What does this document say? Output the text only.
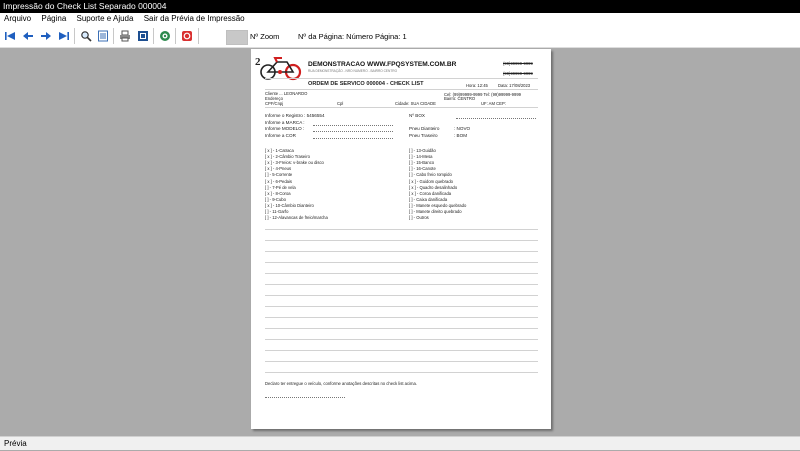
Impressão do Check List Separado 000004
Arquivo Página Suporte e Ajuda Sair da Prévia de Impressão
Nº Zoom Nº da Página: Número Página: 1
2	DEMONSTRACAO WWW.FPQSYSTEM.COM.BR
RUA DEMONSTRAÇÃO - NRO NUMERO - BAIRRO CENTRO
(99)99999-9999
(99)99999-9999
ORDEM DE SERVICO 000004 - CHECK LIST	Hora: 12:45 Data: 17/08/2023
Cliente ... LEONARDO
Endereço
CPF/Cnpj	Cpl	Cidade: SUA CIDADE
Cel: (99)99999-9999 Tel: (99)99999-9999
Bairro: CENTRO
UF: AM CEP:
Informe o Registro : 5456554
Informe a MARCA :
Informe MODELO :
Informe a COR
Nº BOX
Pneu Dianteiro	: NOVO
Pneu Traseiro	: BOM
[ x ] - 1-Catraca
[ x ] - 2-Câmbio Traseiro
[ x ] - 3-Freios: v-brake ou disco
[ x ] - 4-Pneus
[ ] - 5-Corrente
[ x ] - 6-Pedais
[ ] - 7-Pé de vela
[ x ] - 8-Coroa
[ ] - 9-Cubo
[ x ] - 10-Câmbio Dianteiro
[ ] - 11-Garfo
[ ] - 12-Alavancas de freio/marcha
[ ] - 13-Guidão
[ ] - 14-Mesa
[ ] - 15-Banco
[ ] - 16-Canote
[ ] - Cabo freio rompido
[ x ] - Guidom quebrado
[ x ] - Quadro desalinhado
[ x ] - Coroa danificada
[ ] - Caixa danificada
[ ] - Manete esquedo quebrado
[ ] - Manete direito quebrado
[ ] - Outros
Declaro ter entregue o veículo, conforme anotações descritas no check list acima.
Prévia
